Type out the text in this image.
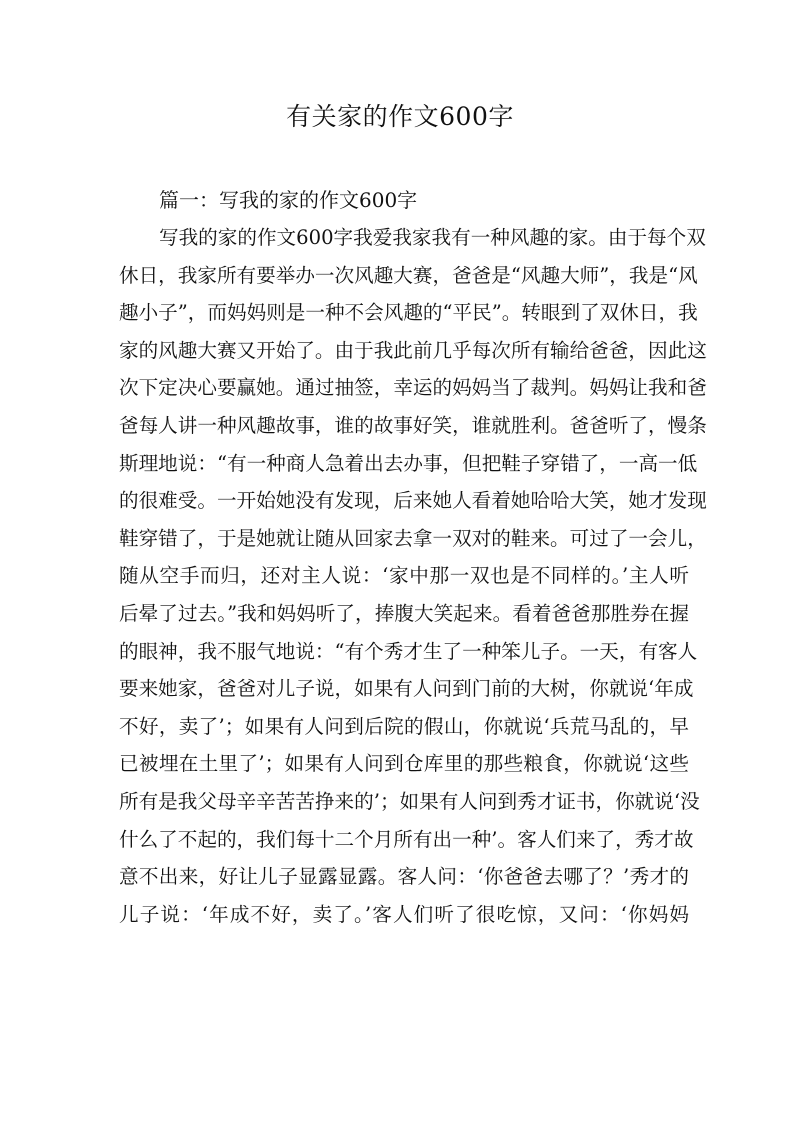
有关家的作文600字

篇一：写我的家的作文600字

写我的家的作文600字我爱我家我有一种风趣的家。由于每个双
休日，我家所有要举办一次风趣大赛，爸爸是“风趣大师”，我是“风
趣小子”，而妈妈则是一种不会风趣的“平民”。转眼到了双休日，我
家的风趣大赛又开始了。由于我此前几乎每次所有输给爸爸，因此这
次下定决心要赢她。通过抽签，幸运的妈妈当了裁判。妈妈让我和爸
爸每人讲一种风趣故事，谁的故事好笑，谁就胜利。爸爸听了，慢条
斯理地说：“有一种商人急着出去办事，但把鞋子穿错了，一高一低
的很难受。一开始她没有发现，后来她人看着她哈哈大笑，她才发现
鞋穿错了，于是她就让随从回家去拿一双对的鞋来。可过了一会儿，
随从空手而归，还对主人说：‘家中那一双也是不同样的。’主人听
后晕了过去。”我和妈妈听了，捧腹大笑起来。看着爸爸那胜券在握
的眼神，我不服气地说：“有个秀才生了一种笨儿子。一天，有客人
要来她家，爸爸对儿子说，如果有人问到门前的大树，你就说‘年成
不好，卖了’；如果有人问到后院的假山，你就说‘兵荒马乱的，早
已被埋在土里了’；如果有人问到仓库里的那些粮食，你就说‘这些
所有是我父母辛辛苦苦挣来的’；如果有人问到秀才证书，你就说‘没
什么了不起的，我们每十二个月所有出一种’。客人们来了，秀才故
意不出来，好让儿子显露显露。客人问：‘你爸爸去哪了？’秀才的
儿子说：‘年成不好，卖了。’客人们听了很吃惊，又问：‘你妈妈
